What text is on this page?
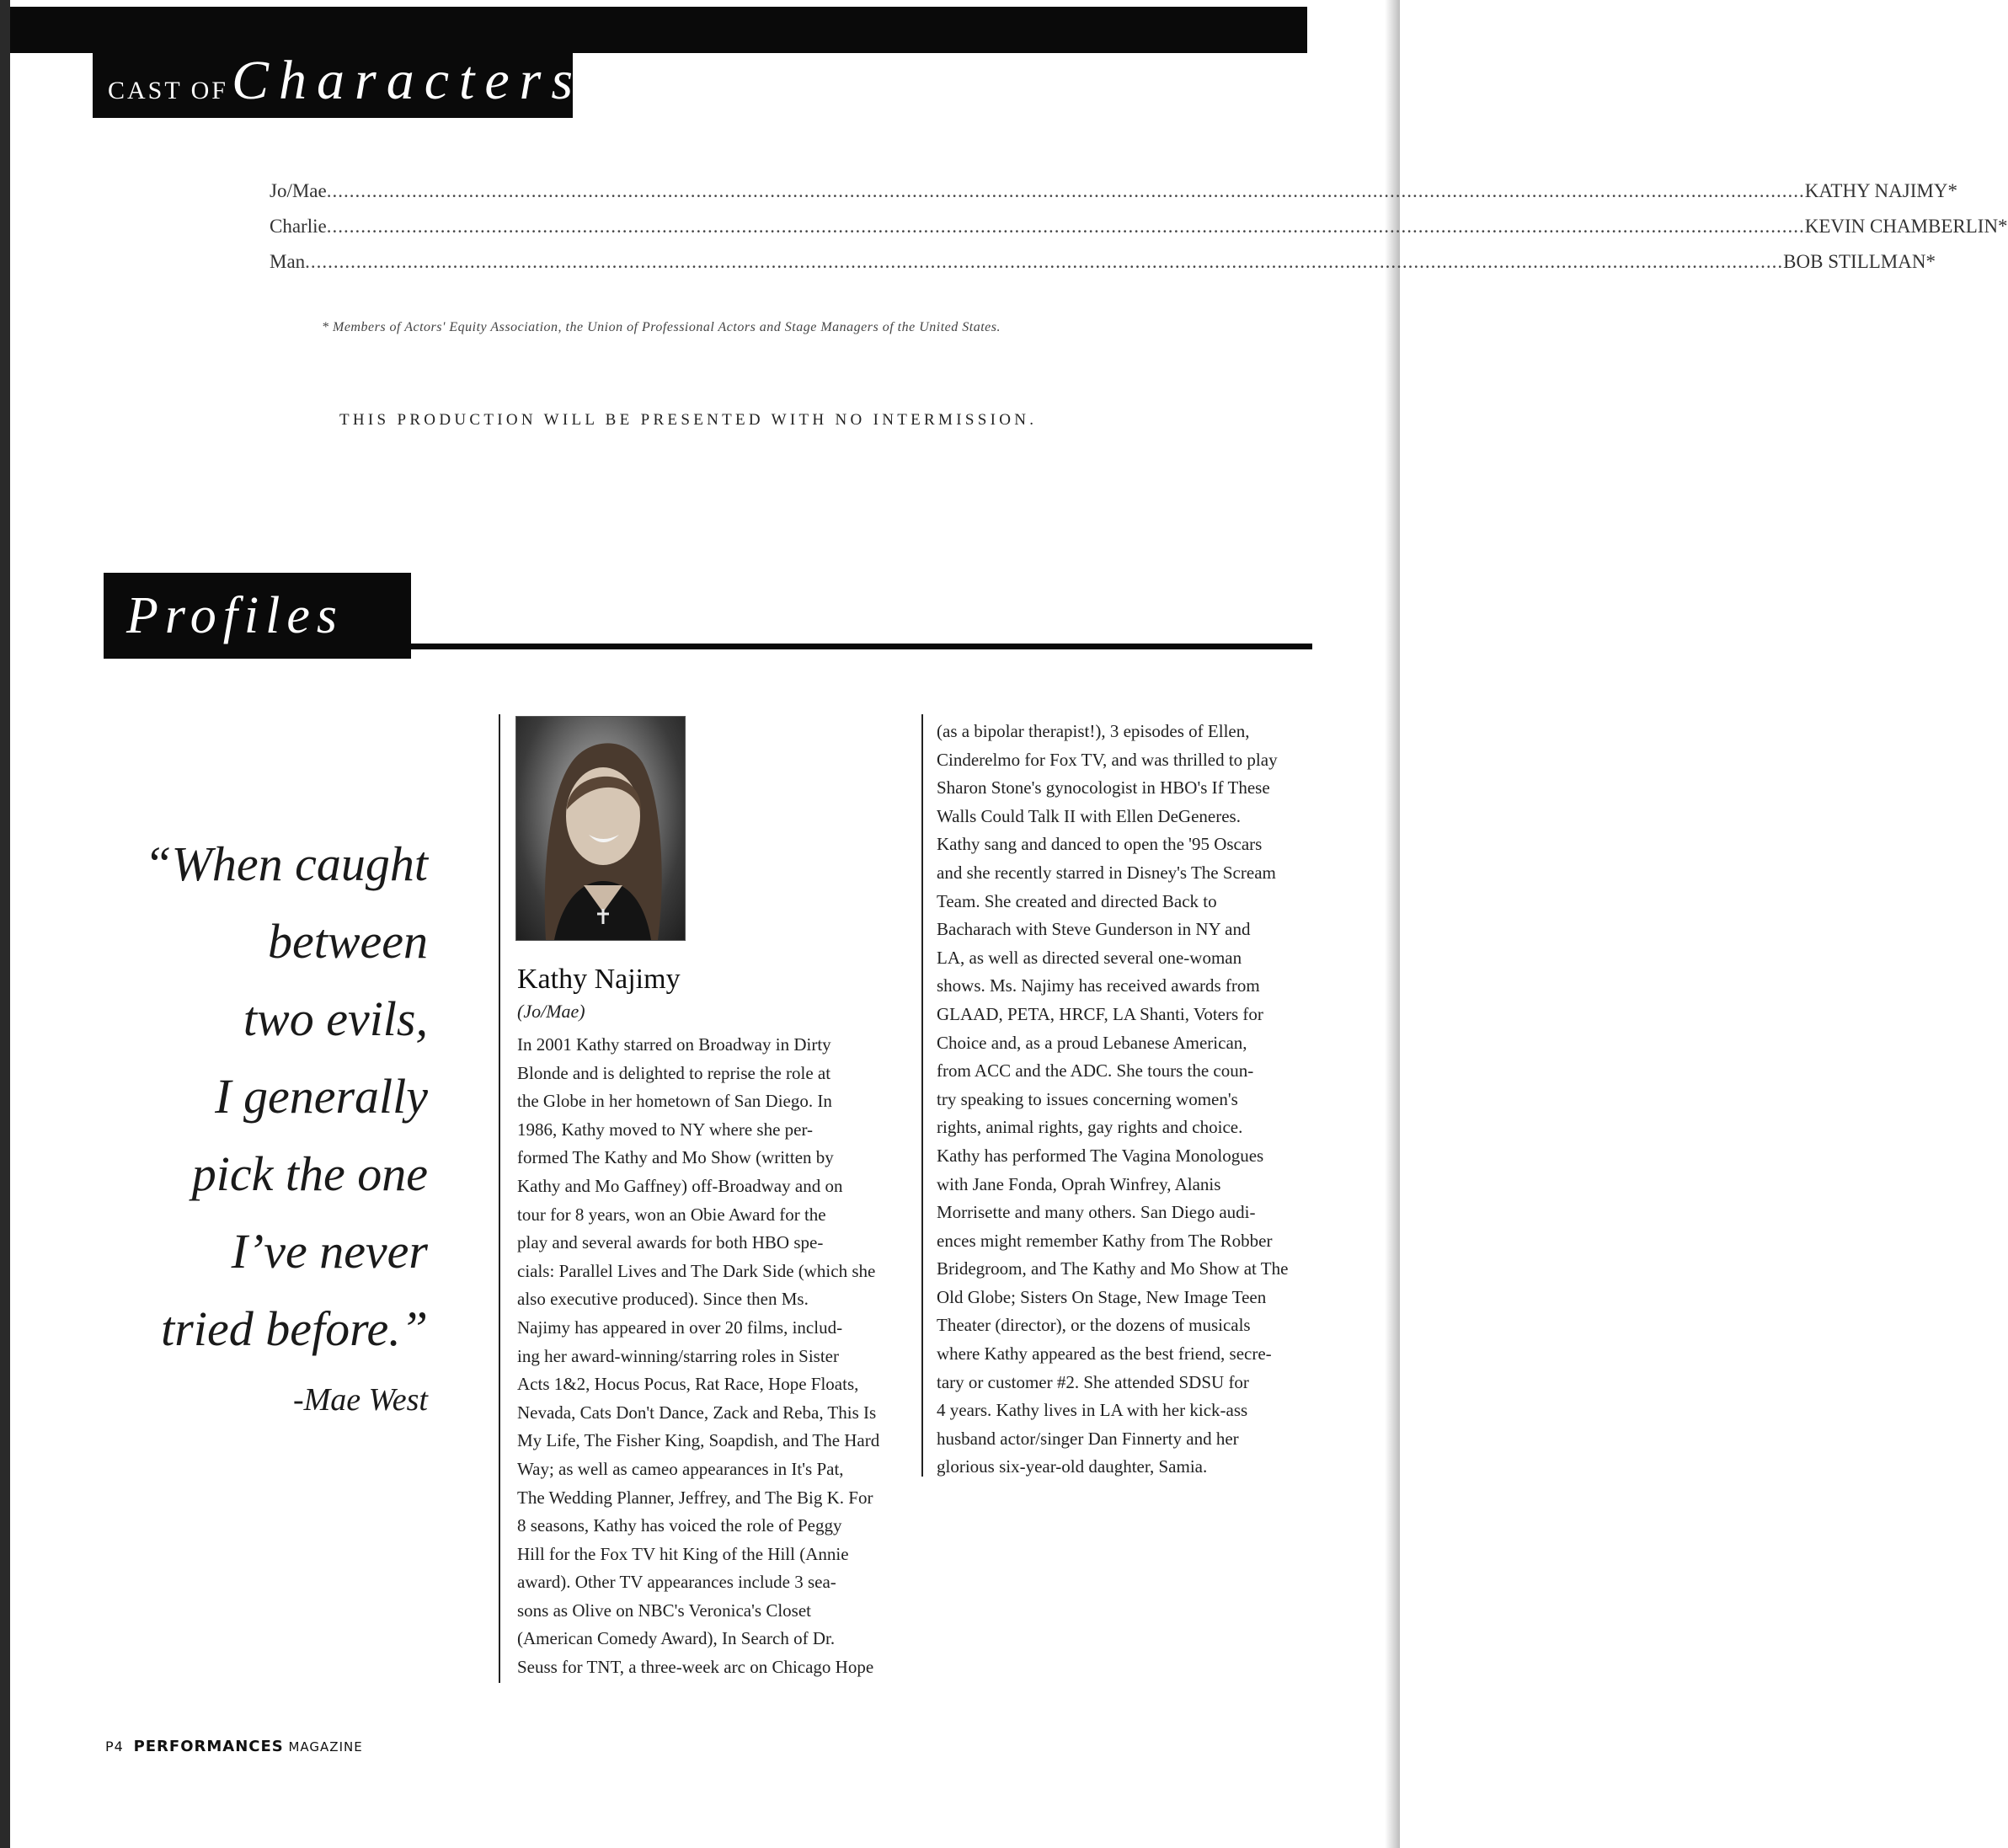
CAST OF Characters
Jo/Mae .................................................................................................................................................................................................................................................................... KATHY NAJIMY*
Charlie .................................................................................................................................................................................................................................................................... KEVIN CHAMBERLIN*
Man .................................................................................................................................................................................................................................................................... BOB STILLMAN*
* Members of Actors' Equity Association, the Union of Professional Actors and Stage Managers of the United States.
THIS PRODUCTION WILL BE PRESENTED WITH NO INTERMISSION.
Profiles
“When caught
between
two evils,
I generally
pick the one
I’ve never
tried before.”
-Mae West
Kathy Najimy
(Jo/Mae)
In 2001 Kathy starred on Broadway in Dirty
Blonde and is delighted to reprise the role at
the Globe in her hometown of San Diego. In
1986, Kathy moved to NY where she per-
formed The Kathy and Mo Show (written by
Kathy and Mo Gaffney) off-Broadway and on
tour for 8 years, won an Obie Award for the
play and several awards for both HBO spe-
cials: Parallel Lives and The Dark Side (which she
also executive produced). Since then Ms.
Najimy has appeared in over 20 films, includ-
ing her award-winning/starring roles in Sister
Acts 1&2, Hocus Pocus, Rat Race, Hope Floats,
Nevada, Cats Don't Dance, Zack and Reba, This Is
My Life, The Fisher King, Soapdish, and The Hard
Way; as well as cameo appearances in It's Pat,
The Wedding Planner, Jeffrey, and The Big K. For
8 seasons, Kathy has voiced the role of Peggy
Hill for the Fox TV hit King of the Hill (Annie
award). Other TV appearances include 3 sea-
sons as Olive on NBC's Veronica's Closet
(American Comedy Award), In Search of Dr.
Seuss for TNT, a three-week arc on Chicago Hope
(as a bipolar therapist!), 3 episodes of Ellen,
Cinderelmo for Fox TV, and was thrilled to play
Sharon Stone's gynocologist in HBO's If These
Walls Could Talk II with Ellen DeGeneres.
Kathy sang and danced to open the '95 Oscars
and she recently starred in Disney's The Scream
Team. She created and directed Back to
Bacharach with Steve Gunderson in NY and
LA, as well as directed several one-woman
shows. Ms. Najimy has received awards from
GLAAD, PETA, HRCF, LA Shanti, Voters for
Choice and, as a proud Lebanese American,
from ACC and the ADC. She tours the coun-
try speaking to issues concerning women's
rights, animal rights, gay rights and choice.
Kathy has performed The Vagina Monologues
with Jane Fonda, Oprah Winfrey, Alanis
Morrisette and many others. San Diego audi-
ences might remember Kathy from The Robber
Bridegroom, and The Kathy and Mo Show at The
Old Globe; Sisters On Stage, New Image Teen
Theater (director), or the dozens of musicals
where Kathy appeared as the best friend, secre-
tary or customer #2. She attended SDSU for
4 years. Kathy lives in LA with her kick-ass
husband actor/singer Dan Finnerty and her
glorious six-year-old daughter, Samia.
P4 PERFORMANCES MAGAZINE
